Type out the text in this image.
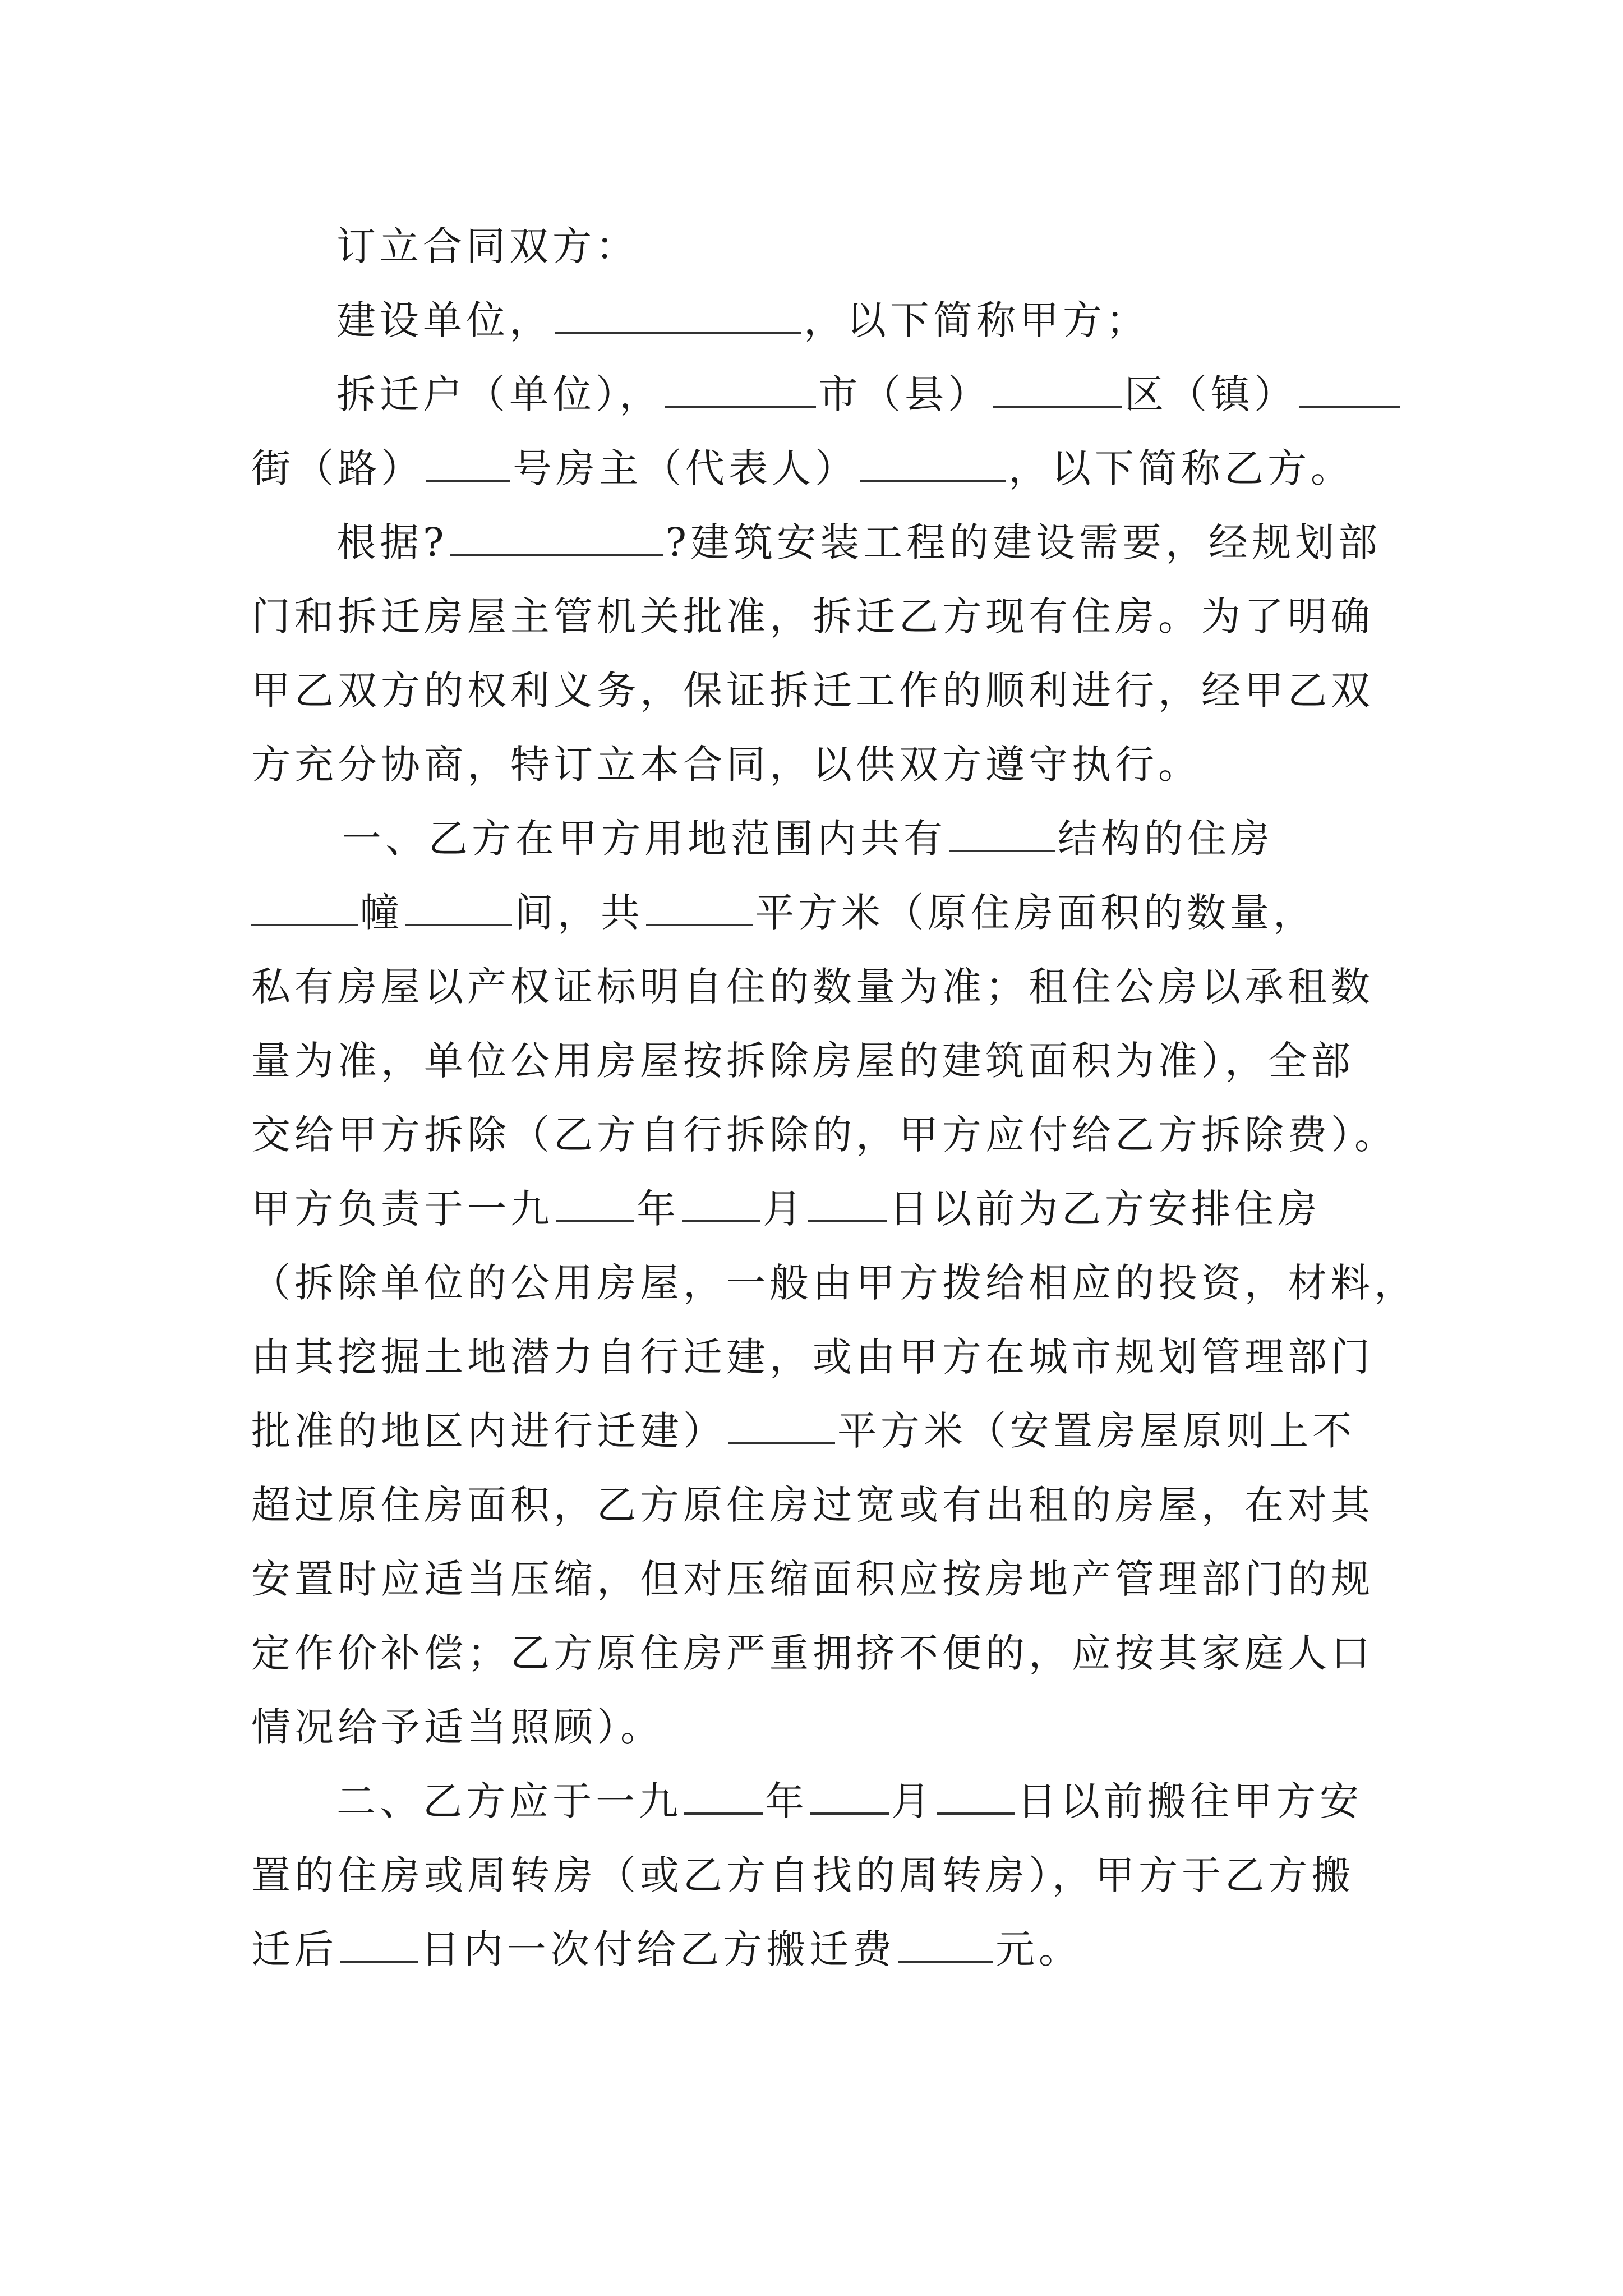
订立合同双方：
建设单位，	，以下简称甲方；
拆迁户（单位），	市（县）	区（镇）
街（路） 号房主（代表人）	，以下简称乙方。
根据?	?建筑安装工程的建设需要，经规划部
门和拆迁房屋主管机关批准，拆迁乙方现有住房。为了明确
甲乙双方的权利义务，保证拆迁工作的顺利进行，经甲乙双
方充分协商，特订立本合同，以供双方遵守执行。
一、乙方在甲方用地范围内共有	结构的住房
幢	间，共	平方米（原住房面积的数量，
私有房屋以产权证标明自住的数量为准；租住公房以承租数
量为准，单位公用房屋按拆除房屋的建筑面积为准），全部
交给甲方拆除（乙方自行拆除的，甲方应付给乙方拆除费）。
甲方负责于一九 年 月 日以前为乙方安排住房
（拆除单位的公用房屋，一般由甲方拨给相应的投资，材料，
由其挖掘土地潜力自行迁建，或由甲方在城市规划管理部门
批准的地区内进行迁建）	平方米（安置房屋原则上不
超过原住房面积，乙方原住房过宽或有出租的房屋，在对其
安置时应适当压缩，但对压缩面积应按房地产管理部门的规
定作价补偿；乙方原住房严重拥挤不便的，应按其家庭人口
情况给予适当照顾）。
二、乙方应于一九 年 月 日以前搬往甲方安
置的住房或周转房（或乙方自找的周转房），甲方于乙方搬
迁后 日内一次付给乙方搬迁费	元。
